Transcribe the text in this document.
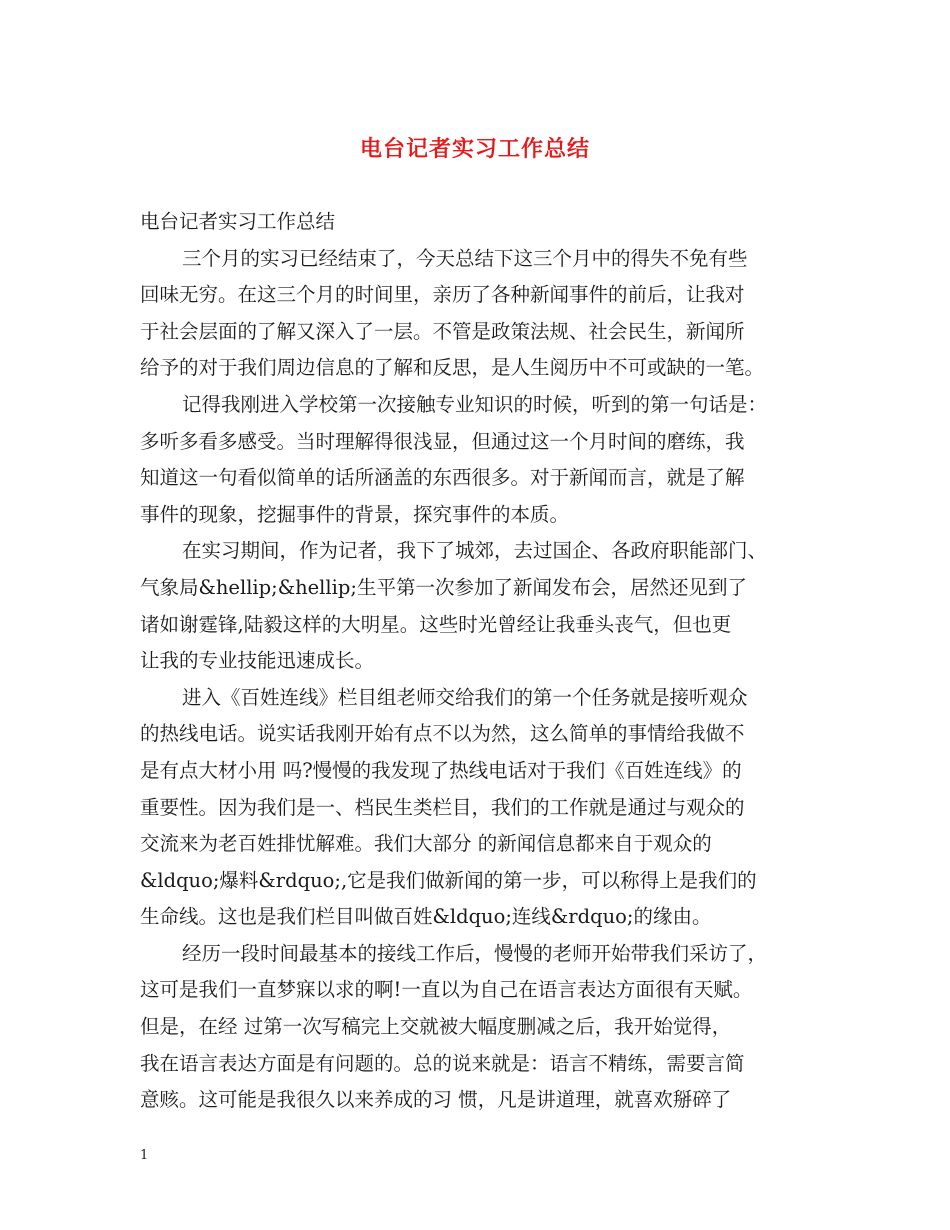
电台记者实习工作总结
电台记者实习工作总结
三个月的实习已经结束了，今天总结下这三个月中的得失不免有些
回味无穷。在这三个月的时间里，亲历了各种新闻事件的前后，让我对
于社会层面的了解又深入了一层。不管是政策法规、社会民生，新闻所
给予的对于我们周边信息的了解和反思，是人生阅历中不可或缺的一笔。
记得我刚进入学校第一次接触专业知识的时候，听到的第一句话是：
多听多看多感受。当时理解得很浅显，但通过这一个月时间的磨练，我
知道这一句看似简单的话所涵盖的东西很多。对于新闻而言，就是了解
事件的现象，挖掘事件的背景，探究事件的本质。
在实习期间，作为记者，我下了城郊，去过国企、各政府职能部门、
气象局&hellip;&hellip;生平第一次参加了新闻发布会，居然还见到了
诸如谢霆锋,陆毅这样的大明星。这些时光曾经让我垂头丧气，但也更
让我的专业技能迅速成长。
进入《百姓连线》栏目组老师交给我们的第一个任务就是接听观众
的热线电话。说实话我刚开始有点不以为然，这么简单的事情给我做不
是有点大材小用 吗?慢慢的我发现了热线电话对于我们《百姓连线》的
重要性。因为我们是一、档民生类栏目，我们的工作就是通过与观众的
交流来为老百姓排忧解难。我们大部分 的新闻信息都来自于观众的
&ldquo;爆料&rdquo;,它是我们做新闻的第一步，可以称得上是我们的
生命线。这也是我们栏目叫做百姓&ldquo;连线&rdquo;的缘由。
经历一段时间最基本的接线工作后，慢慢的老师开始带我们采访了，
这可是我们一直梦寐以求的啊!一直以为自己在语言表达方面很有天赋。
但是，在经 过第一次写稿完上交就被大幅度删减之后，我开始觉得，
我在语言表达方面是有问题的。总的说来就是：语言不精练，需要言简
意赅。这可能是我很久以来养成的习 惯，凡是讲道理，就喜欢掰碎了
1
